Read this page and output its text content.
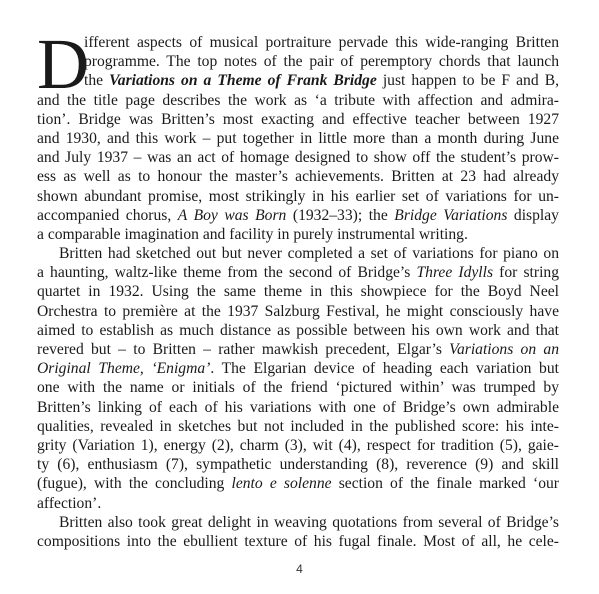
D
ifferent aspects of musical portraiture pervade this wide-ranging Britten
programme. The top notes of the pair of peremptory chords that launch
the Variations on a Theme of Frank Bridge just happen to be F and B,
and the title page describes the work as ‘a tribute with affection and admira-
tion’. Bridge was Britten’s most exacting and effective teacher between 1927
and 1930, and this work – put together in little more than a month during June
and July 1937 – was an act of homage designed to show off the student’s prow-
ess as well as to honour the master’s achievements. Britten at 23 had already
shown abundant promise, most strikingly in his earlier set of variations for un-
accompanied chorus, A Boy was Born (1932–33); the Bridge Variations display
a comparable imagination and facility in purely instrumental writing.
Britten had sketched out but never completed a set of variations for piano on
a haunting, waltz-like theme from the second of Bridge’s Three Idylls for string
quartet in 1932. Using the same theme in this showpiece for the Boyd Neel
Orchestra to première at the 1937 Salzburg Festival, he might consciously have
aimed to establish as much distance as possible between his own work and that
revered but – to Britten – rather mawkish precedent, Elgar’s Variations on an
Original Theme, ‘Enigma’. The Elgarian device of heading each variation but
one with the name or initials of the friend ‘pictured within’ was trumped by
Britten’s linking of each of his variations with one of Bridge’s own admirable
qualities, revealed in sketches but not included in the published score: his inte-
grity (Variation 1), energy (2), charm (3), wit (4), respect for tradition (5), gaie-
ty (6), enthusiasm (7), sympathetic understanding (8), reverence (9) and skill
(fugue), with the concluding lento e solenne section of the finale marked ‘our
affection’.
Britten also took great delight in weaving quotations from several of Bridge’s
compositions into the ebullient texture of his fugal finale. Most of all, he cele-
4
